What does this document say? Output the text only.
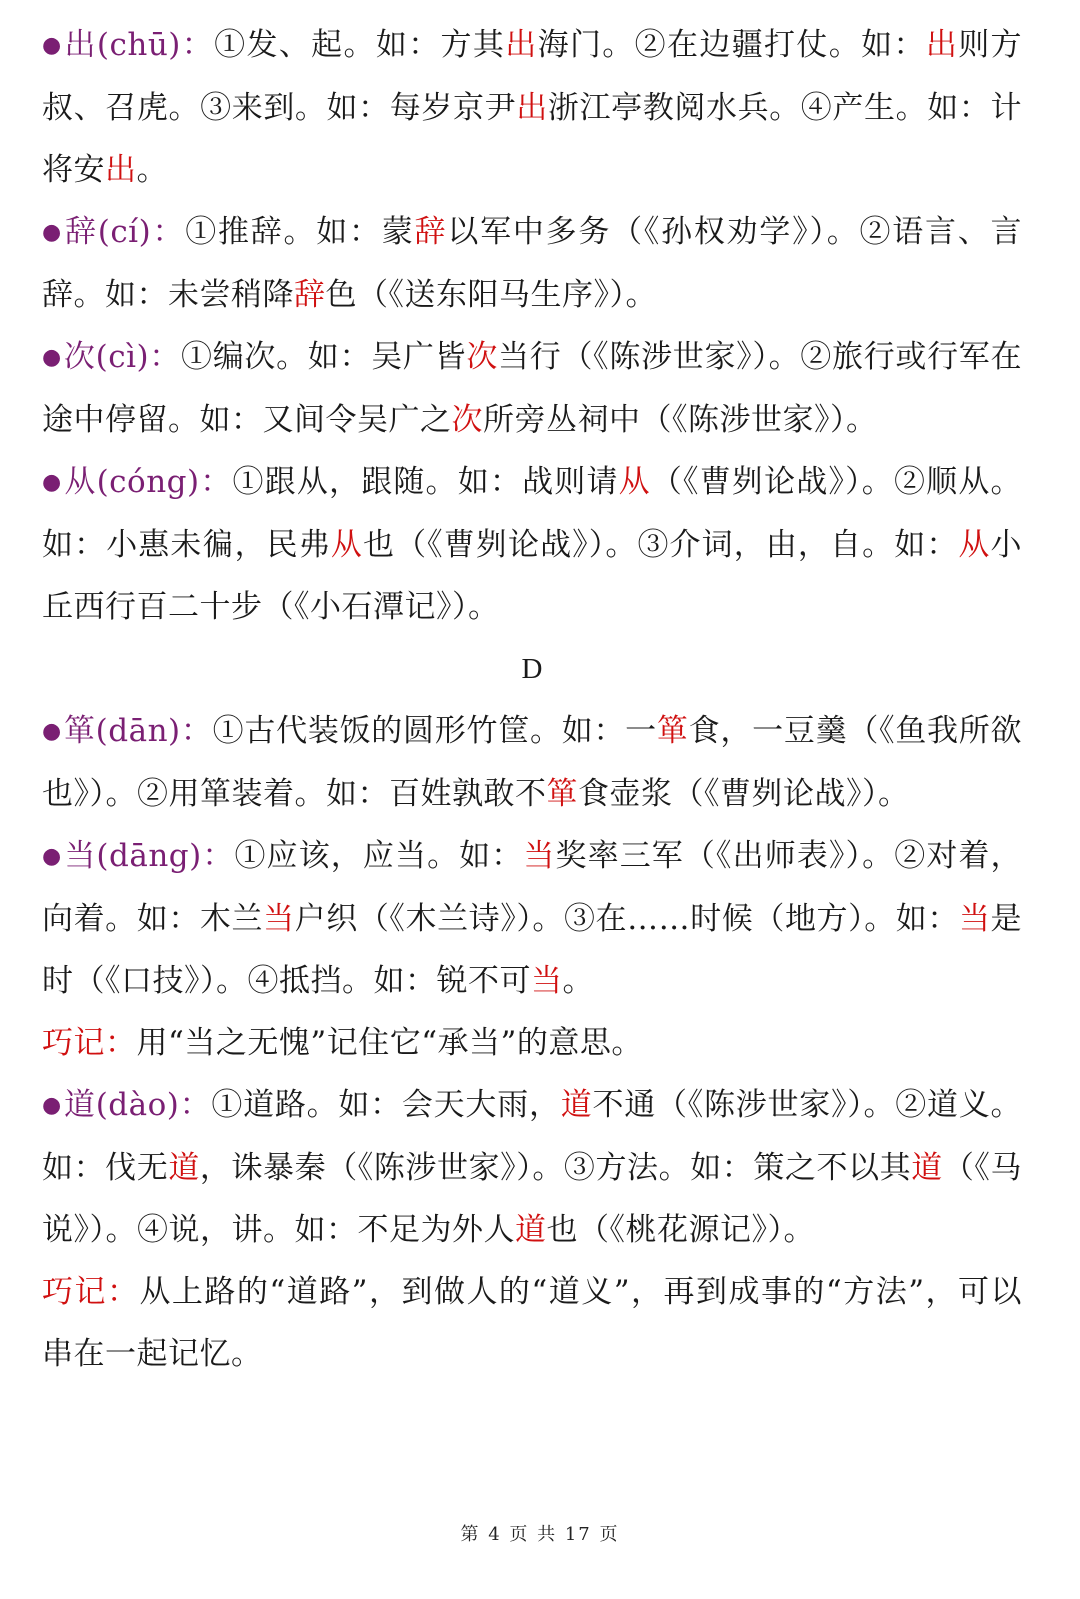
●出(chū)：①发、起。如：方其出海门。②在边疆打仗。如：出则方叔、召虎。③来到。如：每岁京尹出浙江亭教阅水兵。④产生。如：计将安出。

●辞(cí)：①推辞。如：蒙辞以军中多务（《孙权劝学》）。②语言、言辞。如：未尝稍降辞色（《送东阳马生序》）。

●次(cì)：①编次。如：吴广皆次当行（《陈涉世家》）。②旅行或行军在途中停留。如：又间令吴广之次所旁丛祠中（《陈涉世家》）。

●从(cóng)：①跟从，跟随。如：战则请从（《曹刿论战》）。②顺从。如：小惠未徧，民弗从也（《曹刿论战》）。③介词，由，自。如：从小丘西行百二十步（《小石潭记》）。

D

●箪(dān)：①古代装饭的圆形竹筐。如：一箪食，一豆羹（《鱼我所欲也》）。②用箪装着。如：百姓孰敢不箪食壶浆（《曹刿论战》）。

●当(dāng)：①应该，应当。如：当奖率三军（《出师表》）。②对着，向着。如：木兰当户织（《木兰诗》）。③在……时候（地方）。如：当是时（《口技》）。④抵挡。如：锐不可当。

巧记：用“当之无愧”记住它“承当”的意思。

●道(dào)：①道路。如：会天大雨，道不通（《陈涉世家》）。②道义。如：伐无道，诛暴秦（《陈涉世家》）。③方法。如：策之不以其道（《马说》）。④说，讲。如：不足为外人道也（《桃花源记》）。

巧记：从上路的“道路”，到做人的“道义”，再到成事的“方法”，可以串在一起记忆。

第 4 页 共 17 页
